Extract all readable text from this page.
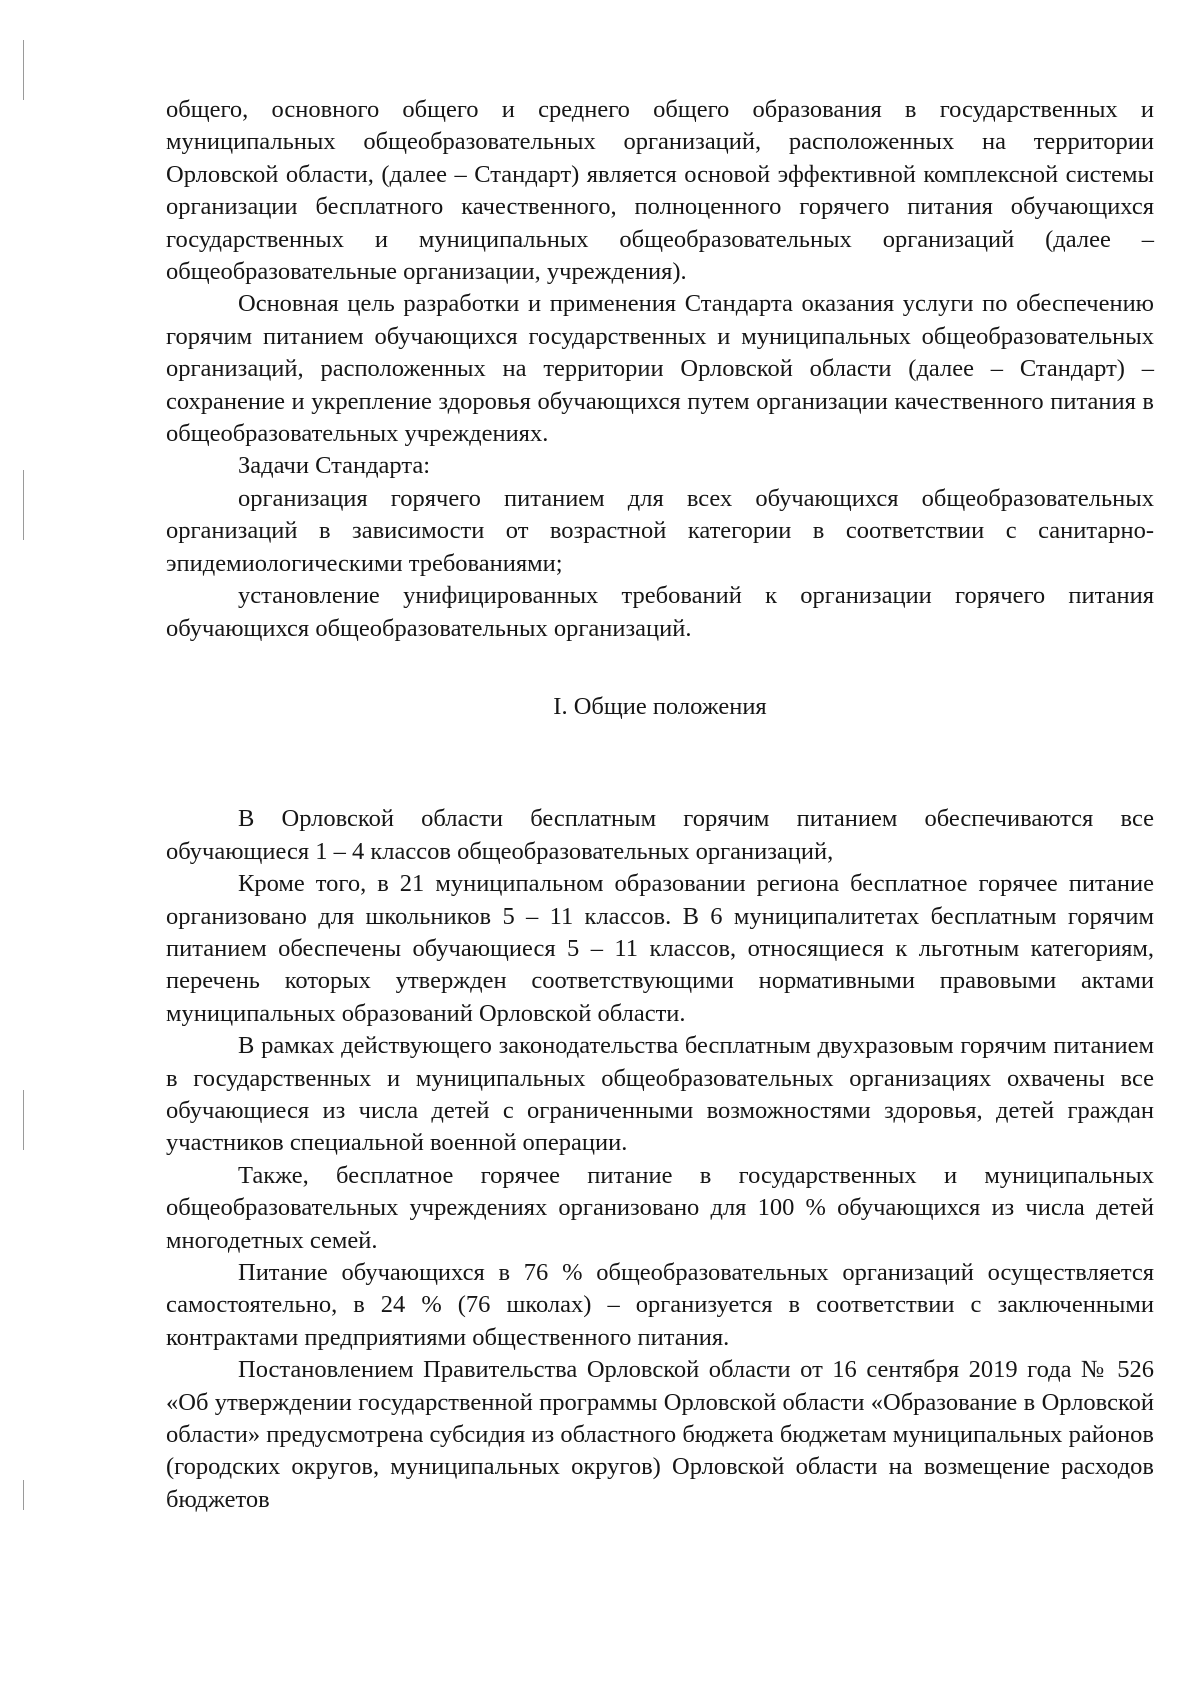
общего, основного общего и среднего общего образования в государственных и муниципальных общеобразовательных организаций, расположенных на территории Орловской области, (далее – Стандарт) является основой эффективной комплексной системы организации бесплатного качественного, полноценного горячего питания обучающихся государственных и муниципальных общеобразовательных организаций (далее – общеобразовательные организации, учреждения).

Основная цель разработки и применения Стандарта оказания услуги по обеспечению горячим питанием обучающихся государственных и муниципальных общеобразовательных организаций, расположенных на территории Орловской области (далее – Стандарт) – сохранение и укрепление здоровья обучающихся путем организации качественного питания в общеобразовательных учреждениях.

Задачи Стандарта:

организация горячего питанием для всех обучающихся общеобразовательных организаций в зависимости от возрастной категории в соответствии с санитарно-эпидемиологическими требованиями;

установление унифицированных требований к организации горячего питания обучающихся общеобразовательных организаций.

I. Общие положения

В Орловской области бесплатным горячим питанием обеспечиваются все обучающиеся 1 – 4 классов общеобразовательных организаций,

Кроме того, в 21 муниципальном образовании региона бесплатное горячее питание организовано для школьников 5 – 11 классов. В 6 муниципалитетах бесплатным горячим питанием обеспечены обучающиеся 5 – 11 классов, относящиеся к льготным категориям, перечень которых утвержден соответствующими нормативными правовыми актами муниципальных образований Орловской области.

В рамках действующего законодательства бесплатным двухразовым горячим питанием в государственных и муниципальных общеобразовательных организациях охвачены все обучающиеся из числа детей с ограниченными возможностями здоровья, детей граждан участников специальной военной операции.

Также, бесплатное горячее питание в государственных и муниципальных общеобразовательных учреждениях организовано для 100 % обучающихся из числа детей многодетных семей.

Питание обучающихся в 76 % общеобразовательных организаций осуществляется самостоятельно, в 24 % (76 школах) – организуется в соответствии с заключенными контрактами предприятиями общественного питания.

Постановлением Правительства Орловской области от 16 сентября 2019 года № 526 «Об утверждении государственной программы Орловской области «Образование в Орловской области» предусмотрена субсидия из областного бюджета бюджетам муниципальных районов (городских округов, муниципальных округов) Орловской области на возмещение расходов бюджетов
